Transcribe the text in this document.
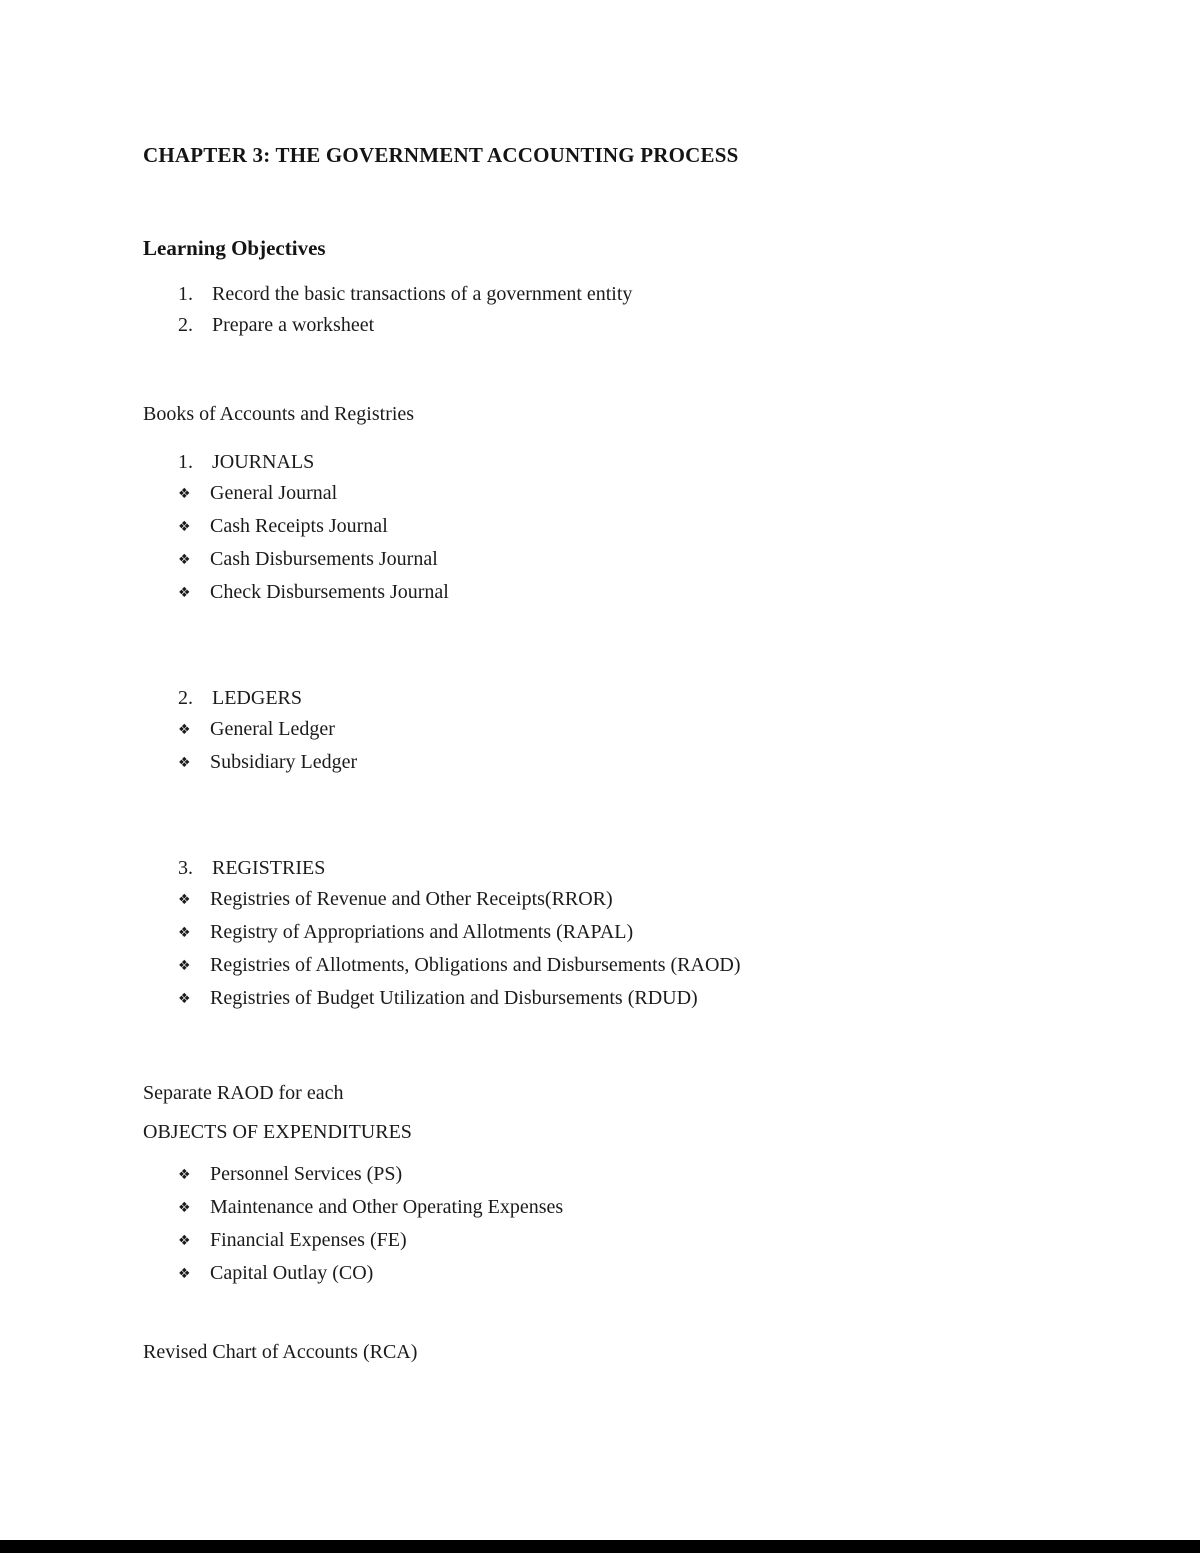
CHAPTER 3: THE GOVERNMENT ACCOUNTING PROCESS
Learning Objectives
1. Record the basic transactions of a government entity
2. Prepare a worksheet
Books of Accounts and Registries
1. JOURNALS
❖ General Journal
❖ Cash Receipts Journal
❖ Cash Disbursements Journal
❖ Check Disbursements Journal
2. LEDGERS
❖ General Ledger
❖ Subsidiary Ledger
3. REGISTRIES
❖ Registries of Revenue and Other Receipts(RROR)
❖ Registry of Appropriations and Allotments (RAPAL)
❖ Registries of Allotments, Obligations and Disbursements (RAOD)
❖ Registries of Budget Utilization and Disbursements (RDUD)
Separate RAOD for each
OBJECTS OF EXPENDITURES
❖ Personnel Services (PS)
❖ Maintenance and Other Operating Expenses
❖ Financial Expenses (FE)
❖ Capital Outlay (CO)
Revised Chart of Accounts (RCA)
